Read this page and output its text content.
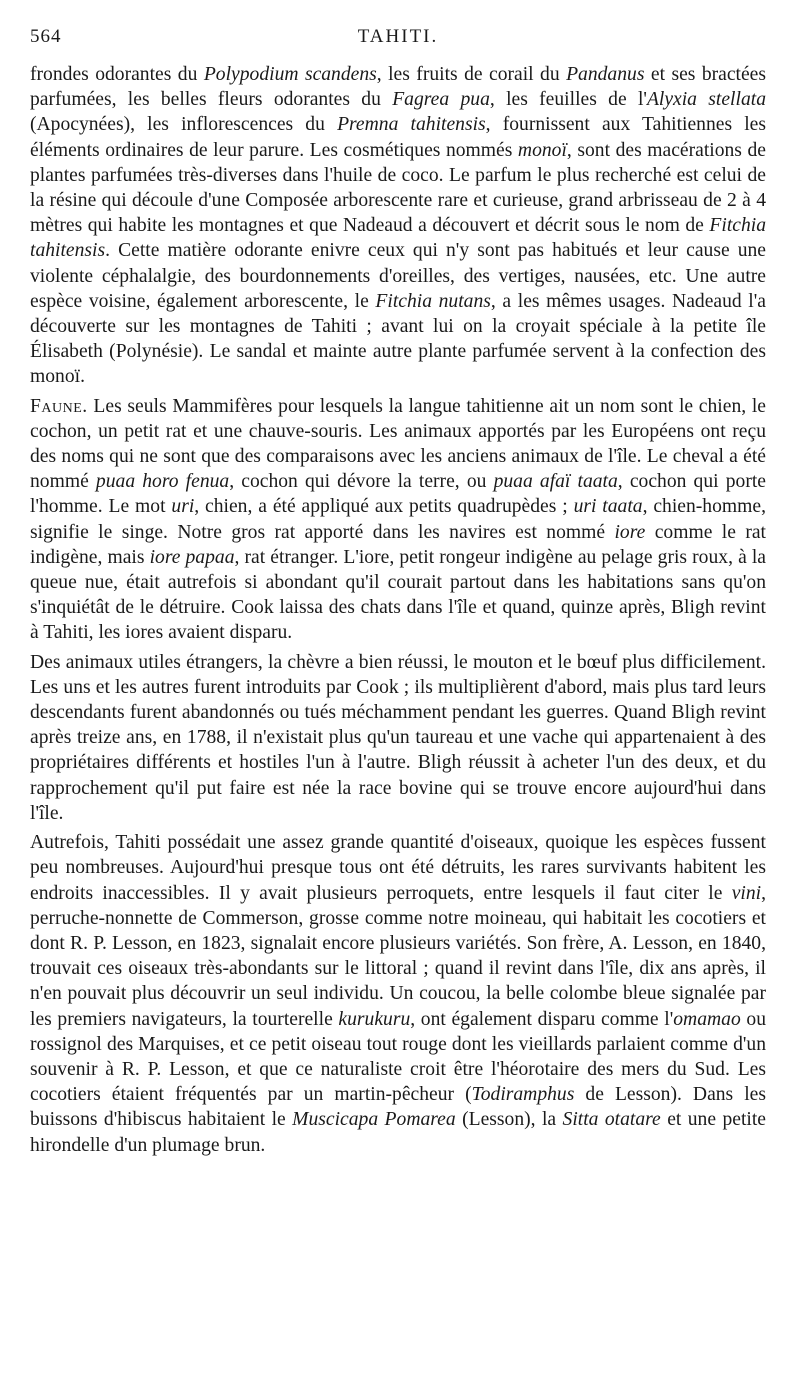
564	TAHITI.

frondes odorantes du Polypodium scandens, les fruits de corail du Pandanus et ses bractées parfumées, les belles fleurs odorantes du Fagrea pua, les feuilles de l'Alyxia stellata (Apocynées), les inflorescences du Premna tahitensis, fournissent aux Tahitiennes les éléments ordinaires de leur parure. Les cosmétiques nommés monoï, sont des macérations de plantes parfumées très-diverses dans l'huile de coco. Le parfum le plus recherché est celui de la résine qui découle d'une Composée arborescente rare et curieuse, grand arbrisseau de 2 à 4 mètres qui habite les montagnes et que Nadeaud a découvert et décrit sous le nom de Fitchia tahitensis. Cette matière odorante enivre ceux qui n'y sont pas habitués et leur cause une violente céphalalgie, des bourdonnements d'oreilles, des vertiges, nausées, etc. Une autre espèce voisine, également arborescente, le Fitchia nutans, a les mêmes usages. Nadeaud l'a découverte sur les montagnes de Tahiti ; avant lui on la croyait spéciale à la petite île Élisabeth (Polynésie). Le sandal et mainte autre plante parfumée servent à la confection des monoï.

Faune. Les seuls Mammifères pour lesquels la langue tahitienne ait un nom sont le chien, le cochon, un petit rat et une chauve-souris. Les animaux apportés par les Européens ont reçu des noms qui ne sont que des comparaisons avec les anciens animaux de l'île. Le cheval a été nommé puaa horo fenua, cochon qui dévore la terre, ou puaa afaï taata, cochon qui porte l'homme. Le mot uri, chien, a été appliqué aux petits quadrupèdes ; uri taata, chien-homme, signifie le singe. Notre gros rat apporté dans les navires est nommé iore comme le rat indigène, mais iore papaa, rat étranger. L'iore, petit rongeur indigène au pelage gris roux, à la queue nue, était autrefois si abondant qu'il courait partout dans les habitations sans qu'on s'inquiétât de le détruire. Cook laissa des chats dans l'île et quand, quinze après, Bligh revint à Tahiti, les iores avaient disparu.

Des animaux utiles étrangers, la chèvre a bien réussi, le mouton et le bœuf plus difficilement. Les uns et les autres furent introduits par Cook ; ils multiplièrent d'abord, mais plus tard leurs descendants furent abandonnés ou tués méchamment pendant les guerres. Quand Bligh revint après treize ans, en 1788, il n'existait plus qu'un taureau et une vache qui appartenaient à des propriétaires différents et hostiles l'un à l'autre. Bligh réussit à acheter l'un des deux, et du rapprochement qu'il put faire est née la race bovine qui se trouve encore aujourd'hui dans l'île.

Autrefois, Tahiti possédait une assez grande quantité d'oiseaux, quoique les espèces fussent peu nombreuses. Aujourd'hui presque tous ont été détruits, les rares survivants habitent les endroits inaccessibles. Il y avait plusieurs perroquets, entre lesquels il faut citer le vini, perruche-nonnette de Commerson, grosse comme notre moineau, qui habitait les cocotiers et dont R. P. Lesson, en 1823, signalait encore plusieurs variétés. Son frère, A. Lesson, en 1840, trouvait ces oiseaux très-abondants sur le littoral ; quand il revint dans l'île, dix ans après, il n'en pouvait plus découvrir un seul individu. Un coucou, la belle colombe bleue signalée par les premiers navigateurs, la tourterelle kurukuru, ont également disparu comme l'omamao ou rossignol des Marquises, et ce petit oiseau tout rouge dont les vieillards parlaient comme d'un souvenir à R. P. Lesson, et que ce naturaliste croit être l'héorotaire des mers du Sud. Les cocotiers étaient fréquentés par un martin-pêcheur (Todiramphus de Lesson). Dans les buissons d'hibiscus habitaient le Muscicapa Pomarea (Lesson), la Sitta otatare et une petite hirondelle d'un plumage brun.
